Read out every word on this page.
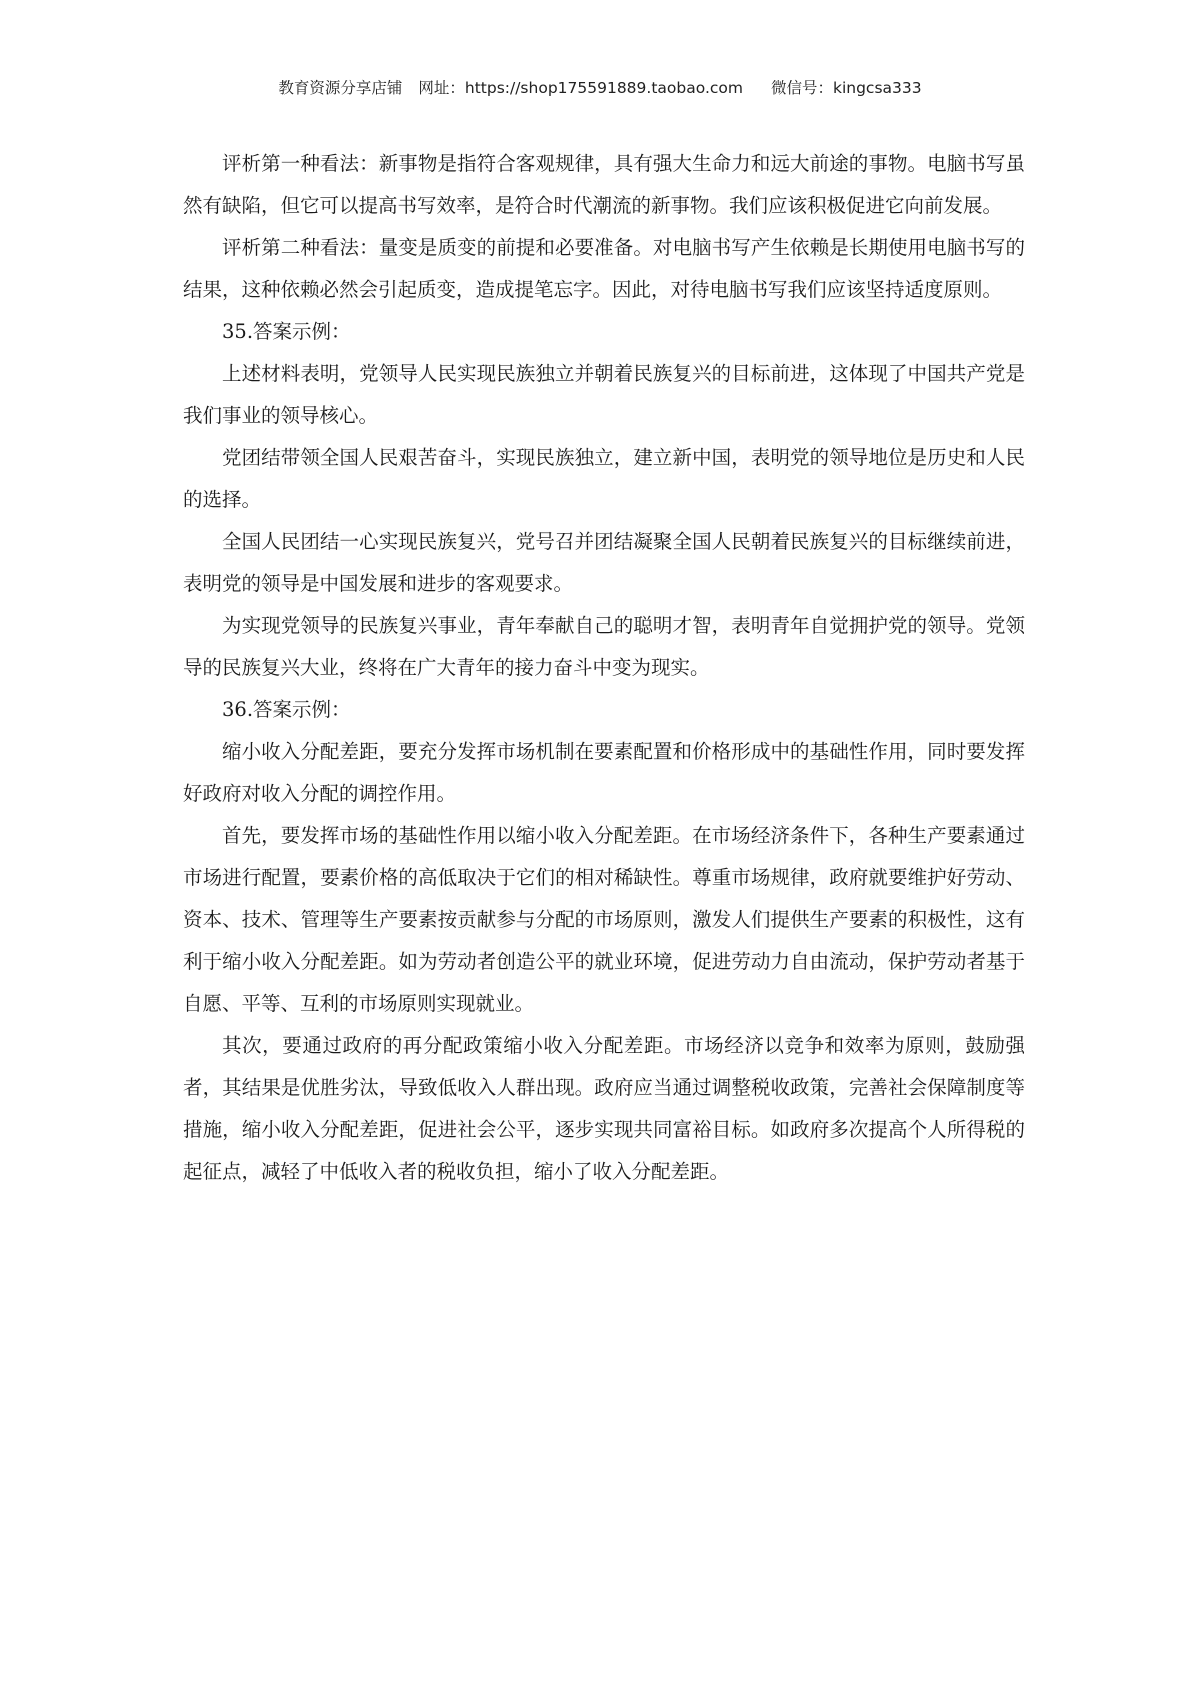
教育资源分享店铺 网址：https://shop175591889.taobao.com 微信号：kingcsa333

评析第一种看法：新事物是指符合客观规律，具有强大生命力和远大前途的事物。电脑书写虽然有缺陷，但它可以提高书写效率，是符合时代潮流的新事物。我们应该积极促进它向前发展。

评析第二种看法：量变是质变的前提和必要准备。对电脑书写产生依赖是长期使用电脑书写的结果，这种依赖必然会引起质变，造成提笔忘字。因此，对待电脑书写我们应该坚持适度原则。

35.答案示例：

上述材料表明，党领导人民实现民族独立并朝着民族复兴的目标前进，这体现了中国共产党是我们事业的领导核心。

党团结带领全国人民艰苦奋斗，实现民族独立，建立新中国，表明党的领导地位是历史和人民的选择。

全国人民团结一心实现民族复兴，党号召并团结凝聚全国人民朝着民族复兴的目标继续前进，表明党的领导是中国发展和进步的客观要求。

为实现党领导的民族复兴事业，青年奉献自己的聪明才智，表明青年自觉拥护党的领导。党领导的民族复兴大业，终将在广大青年的接力奋斗中变为现实。

36.答案示例：

缩小收入分配差距，要充分发挥市场机制在要素配置和价格形成中的基础性作用，同时要发挥好政府对收入分配的调控作用。

首先，要发挥市场的基础性作用以缩小收入分配差距。在市场经济条件下，各种生产要素通过市场进行配置，要素价格的高低取决于它们的相对稀缺性。尊重市场规律，政府就要维护好劳动、资本、技术、管理等生产要素按贡献参与分配的市场原则，激发人们提供生产要素的积极性，这有利于缩小收入分配差距。如为劳动者创造公平的就业环境，促进劳动力自由流动，保护劳动者基于自愿、平等、互利的市场原则实现就业。

其次，要通过政府的再分配政策缩小收入分配差距。市场经济以竞争和效率为原则，鼓励强者，其结果是优胜劣汰，导致低收入人群出现。政府应当通过调整税收政策，完善社会保障制度等措施，缩小收入分配差距，促进社会公平，逐步实现共同富裕目标。如政府多次提高个人所得税的起征点，减轻了中低收入者的税收负担，缩小了收入分配差距。
